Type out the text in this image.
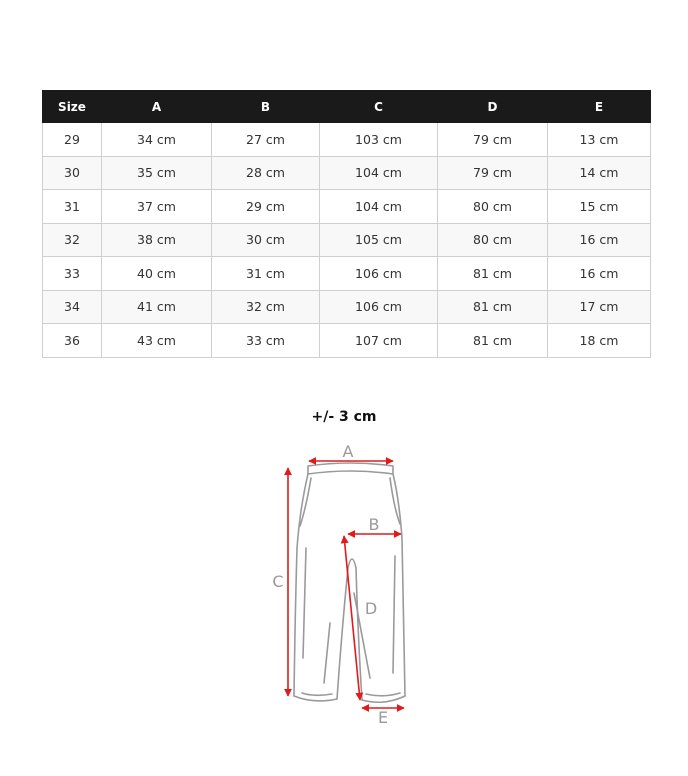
Size	A	B	C	D	E
29	34 cm	27 cm	103 cm	79 cm	13 cm
30	35 cm	28 cm	104 cm	79 cm	14 cm
31	37 cm	29 cm	104 cm	80 cm	15 cm
32	38 cm	30 cm	105 cm	80 cm	16 cm
33	40 cm	31 cm	106 cm	81 cm	16 cm
34	41 cm	32 cm	106 cm	81 cm	17 cm
36	43 cm	33 cm	107 cm	81 cm	18 cm
+/- 3 cm
A
B
C
D
E
